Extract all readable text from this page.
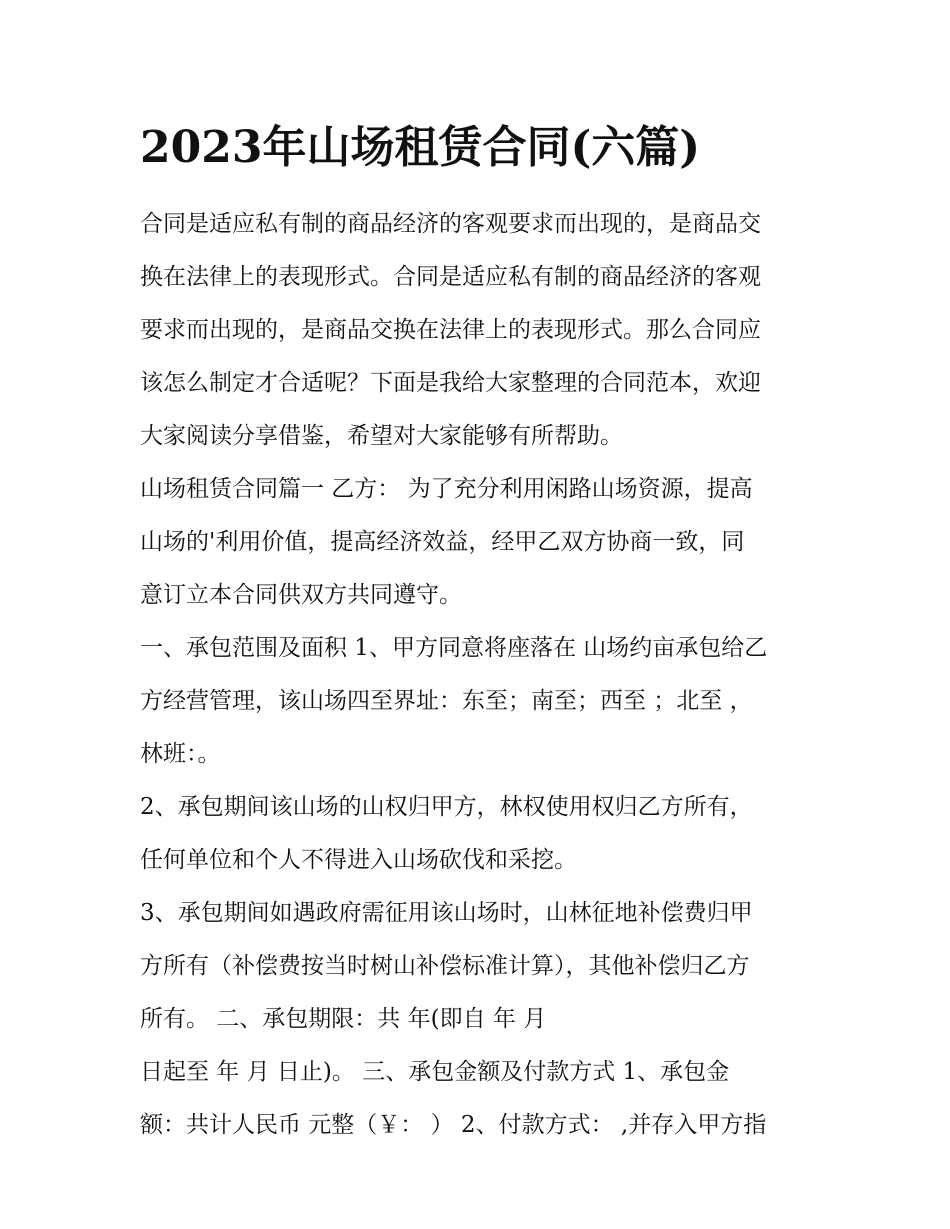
2023年山场租赁合同(六篇)
合同是适应私有制的商品经济的客观要求而出现的，是商品交
换在法律上的表现形式。合同是适应私有制的商品经济的客观
要求而出现的，是商品交换在法律上的表现形式。那么合同应
该怎么制定才合适呢？下面是我给大家整理的合同范本，欢迎
大家阅读分享借鉴，希望对大家能够有所帮助。
山场租赁合同篇一 乙方： 为了充分利用闲路山场资源，提高
山场的'利用价值，提高经济效益，经甲乙双方协商一致，同
意订立本合同供双方共同遵守。
一、承包范围及面积 1、甲方同意将座落在 山场约亩承包给乙
方经营管理，该山场四至界址：东至；南至；西至 ；北至 ，
林班：。
2、承包期间该山场的山权归甲方，林权使用权归乙方所有，
任何单位和个人不得进入山场砍伐和采挖。
3、承包期间如遇政府需征用该山场时，山林征地补偿费归甲
方所有（补偿费按当时树山补偿标准计算），其他补偿归乙方
所有。 二、承包期限：共 年(即自 年 月
日起至 年 月 日止)。 三、承包金额及付款方式 1、承包金
额：共计人民币 元整（￥： ） 2、付款方式： ,并存入甲方指
